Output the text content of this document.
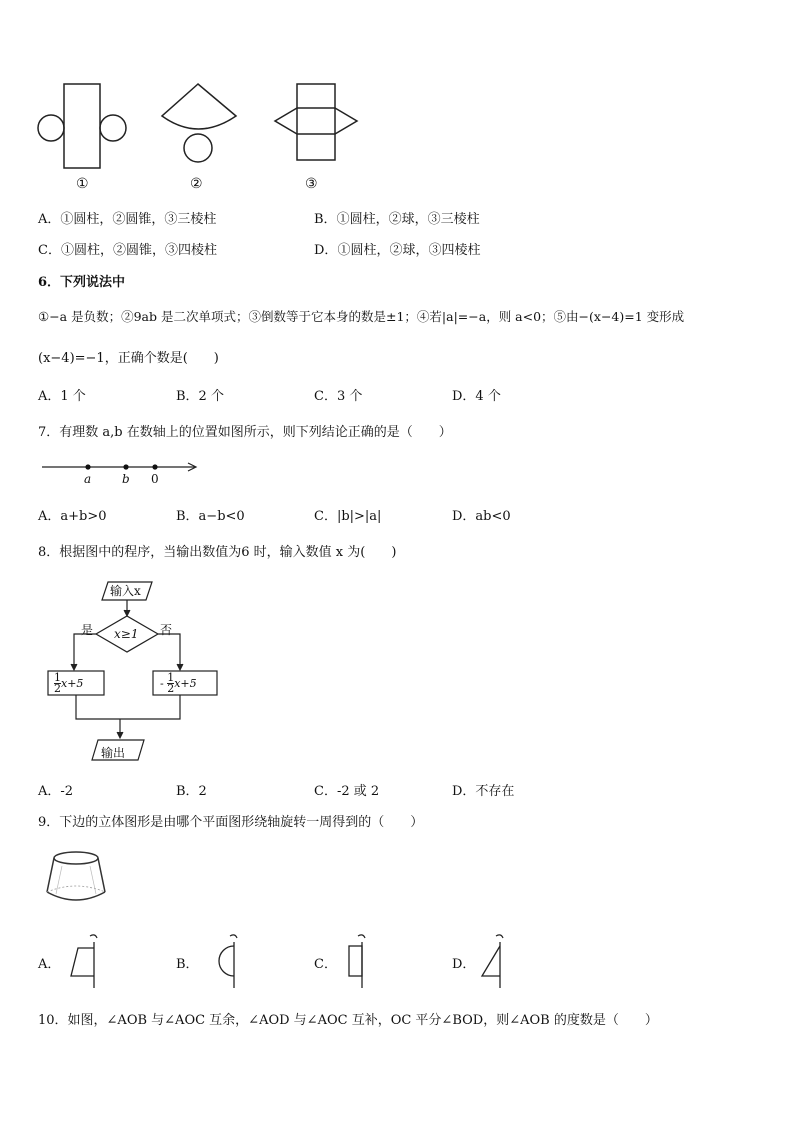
①	②	③
A．①圆柱，②圆锥，③三棱柱	B．①圆柱，②球，③三棱柱
C．①圆柱，②圆锥，③四棱柱	D．①圆柱，②球，③四棱柱
6．下列说法中
①−a 是负数；②9ab 是二次单项式；③倒数等于它本身的数是±1；④若|a|=−a，则 a<0；⑤由−(x−4)=1 变形成
(x−4)=−1，正确个数是(　　)
A．1 个	B．2 个	C．3 个	D．4 个
7．有理数 a,b 在数轴上的位置如图所示，则下列结论正确的是（　　）
a	b 0
A．a+b>0	B．a−b<0	C．|b|>|a|	D．ab<0
8．根据图中的程序，当输出数值为6 时，输入数值 x 为(　　)
输入x
x≥1
是	否
$\frac{1}{2} x+5$	- $\frac{1}{2} x+5$
输出
A．-2	B．2	C．-2 或 2	D．不存在
9．下边的立体图形是由哪个平面图形绕轴旋转一周得到的（　　）
A．	B．	C．	D．
10．如图，∠AOB 与∠AOC 互余，∠AOD 与∠AOC 互补，OC 平分∠BOD，则∠AOB 的度数是（　　）
